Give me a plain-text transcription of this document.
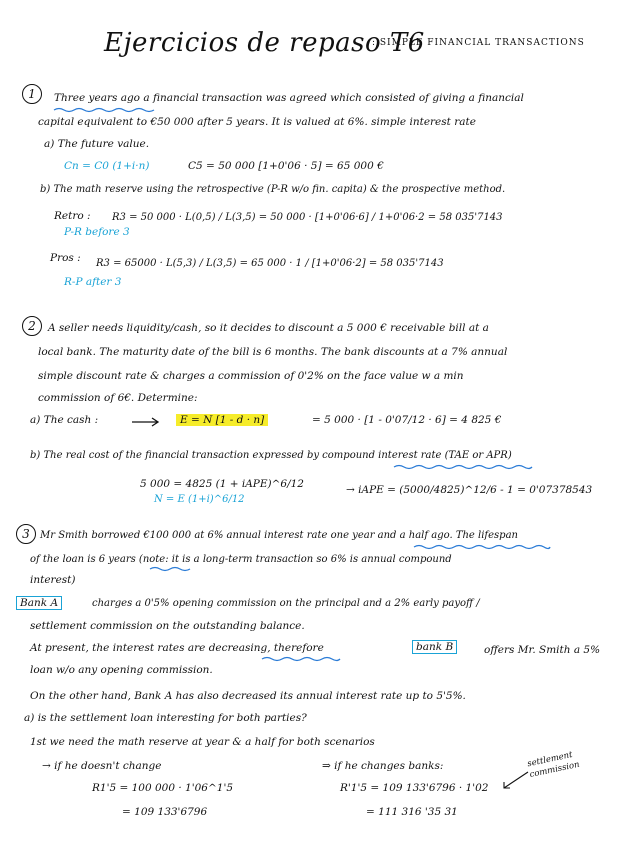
Ejercicios de repaso T6
: SIMPLE FINANCIAL TRANSACTIONS
1	Three years ago a financial transaction was agreed which consisted of giving a financial
capital equivalent to €50 000 after 5 years. It is valued at 6%. simple interest rate
a) The future value.
Cn = C0 (1+i·n)	C5 = 50 000 [1+0'06 · 5] = 65 000 €
b) The math reserve using the retrospective (P-R w/o fin. capita) & the prospective method.
Retro : R3 = 50 000 · L(0,5) / L(3,5) = 50 000 · [1+0'06·6] / 1+0'06·2 = 58 035'7143
P-R before 3
Pros : R3 = 65000 · L(5,3) / L(3,5) = 65 000 · 1 / [1+0'06·2] = 58 035'7143
R-P after 3
2	A seller needs liquidity/cash, so it decides to discount a 5 000 € receivable bill at a
local bank. The maturity date of the bill is 6 months. The bank discounts at a 7% annual
simple discount rate & charges a commission of 0'2% on the face value w a min
commission of 6€. Determine:
a) The cash :	E = N [1 - d · n]	= 5 000 · [1 - 0'07/12 · 6] = 4 825 €
b) The real cost of the financial transaction expressed by compound interest rate (TAE or APR)
5 000 = 4825 (1 + iAPE)^6/12
N = E (1+i)^6/12
→ iAPE = (5000/4825)^12/6 - 1 = 0'07378543
3	Mr Smith borrowed €100 000 at 6% annual interest rate one year and a half ago. The lifespan
of the loan is 6 years (note: it is a long-term transaction so 6% is annual compound
interest)
Bank A	charges a 0'5% opening commission on the principal and a 2% early payoff /
settlement commission on the outstanding balance.
At present, the interest rates are decreasing, therefore	bank B	offers Mr. Smith a 5%
loan w/o any opening commission.
On the other hand, Bank A has also decreased its annual interest rate up to 5'5%.
a) is the settlement loan interesting for both parties?
1st we need the math reserve at year & a half for both scenarios
→ if he doesn't change
R1'5 = 100 000 · 1'06^1'5
= 109 133'6796
⇒ if he changes banks:	settlement commission
R'1'5 = 109 133'6796 · 1'02
= 111 316 '35 31
